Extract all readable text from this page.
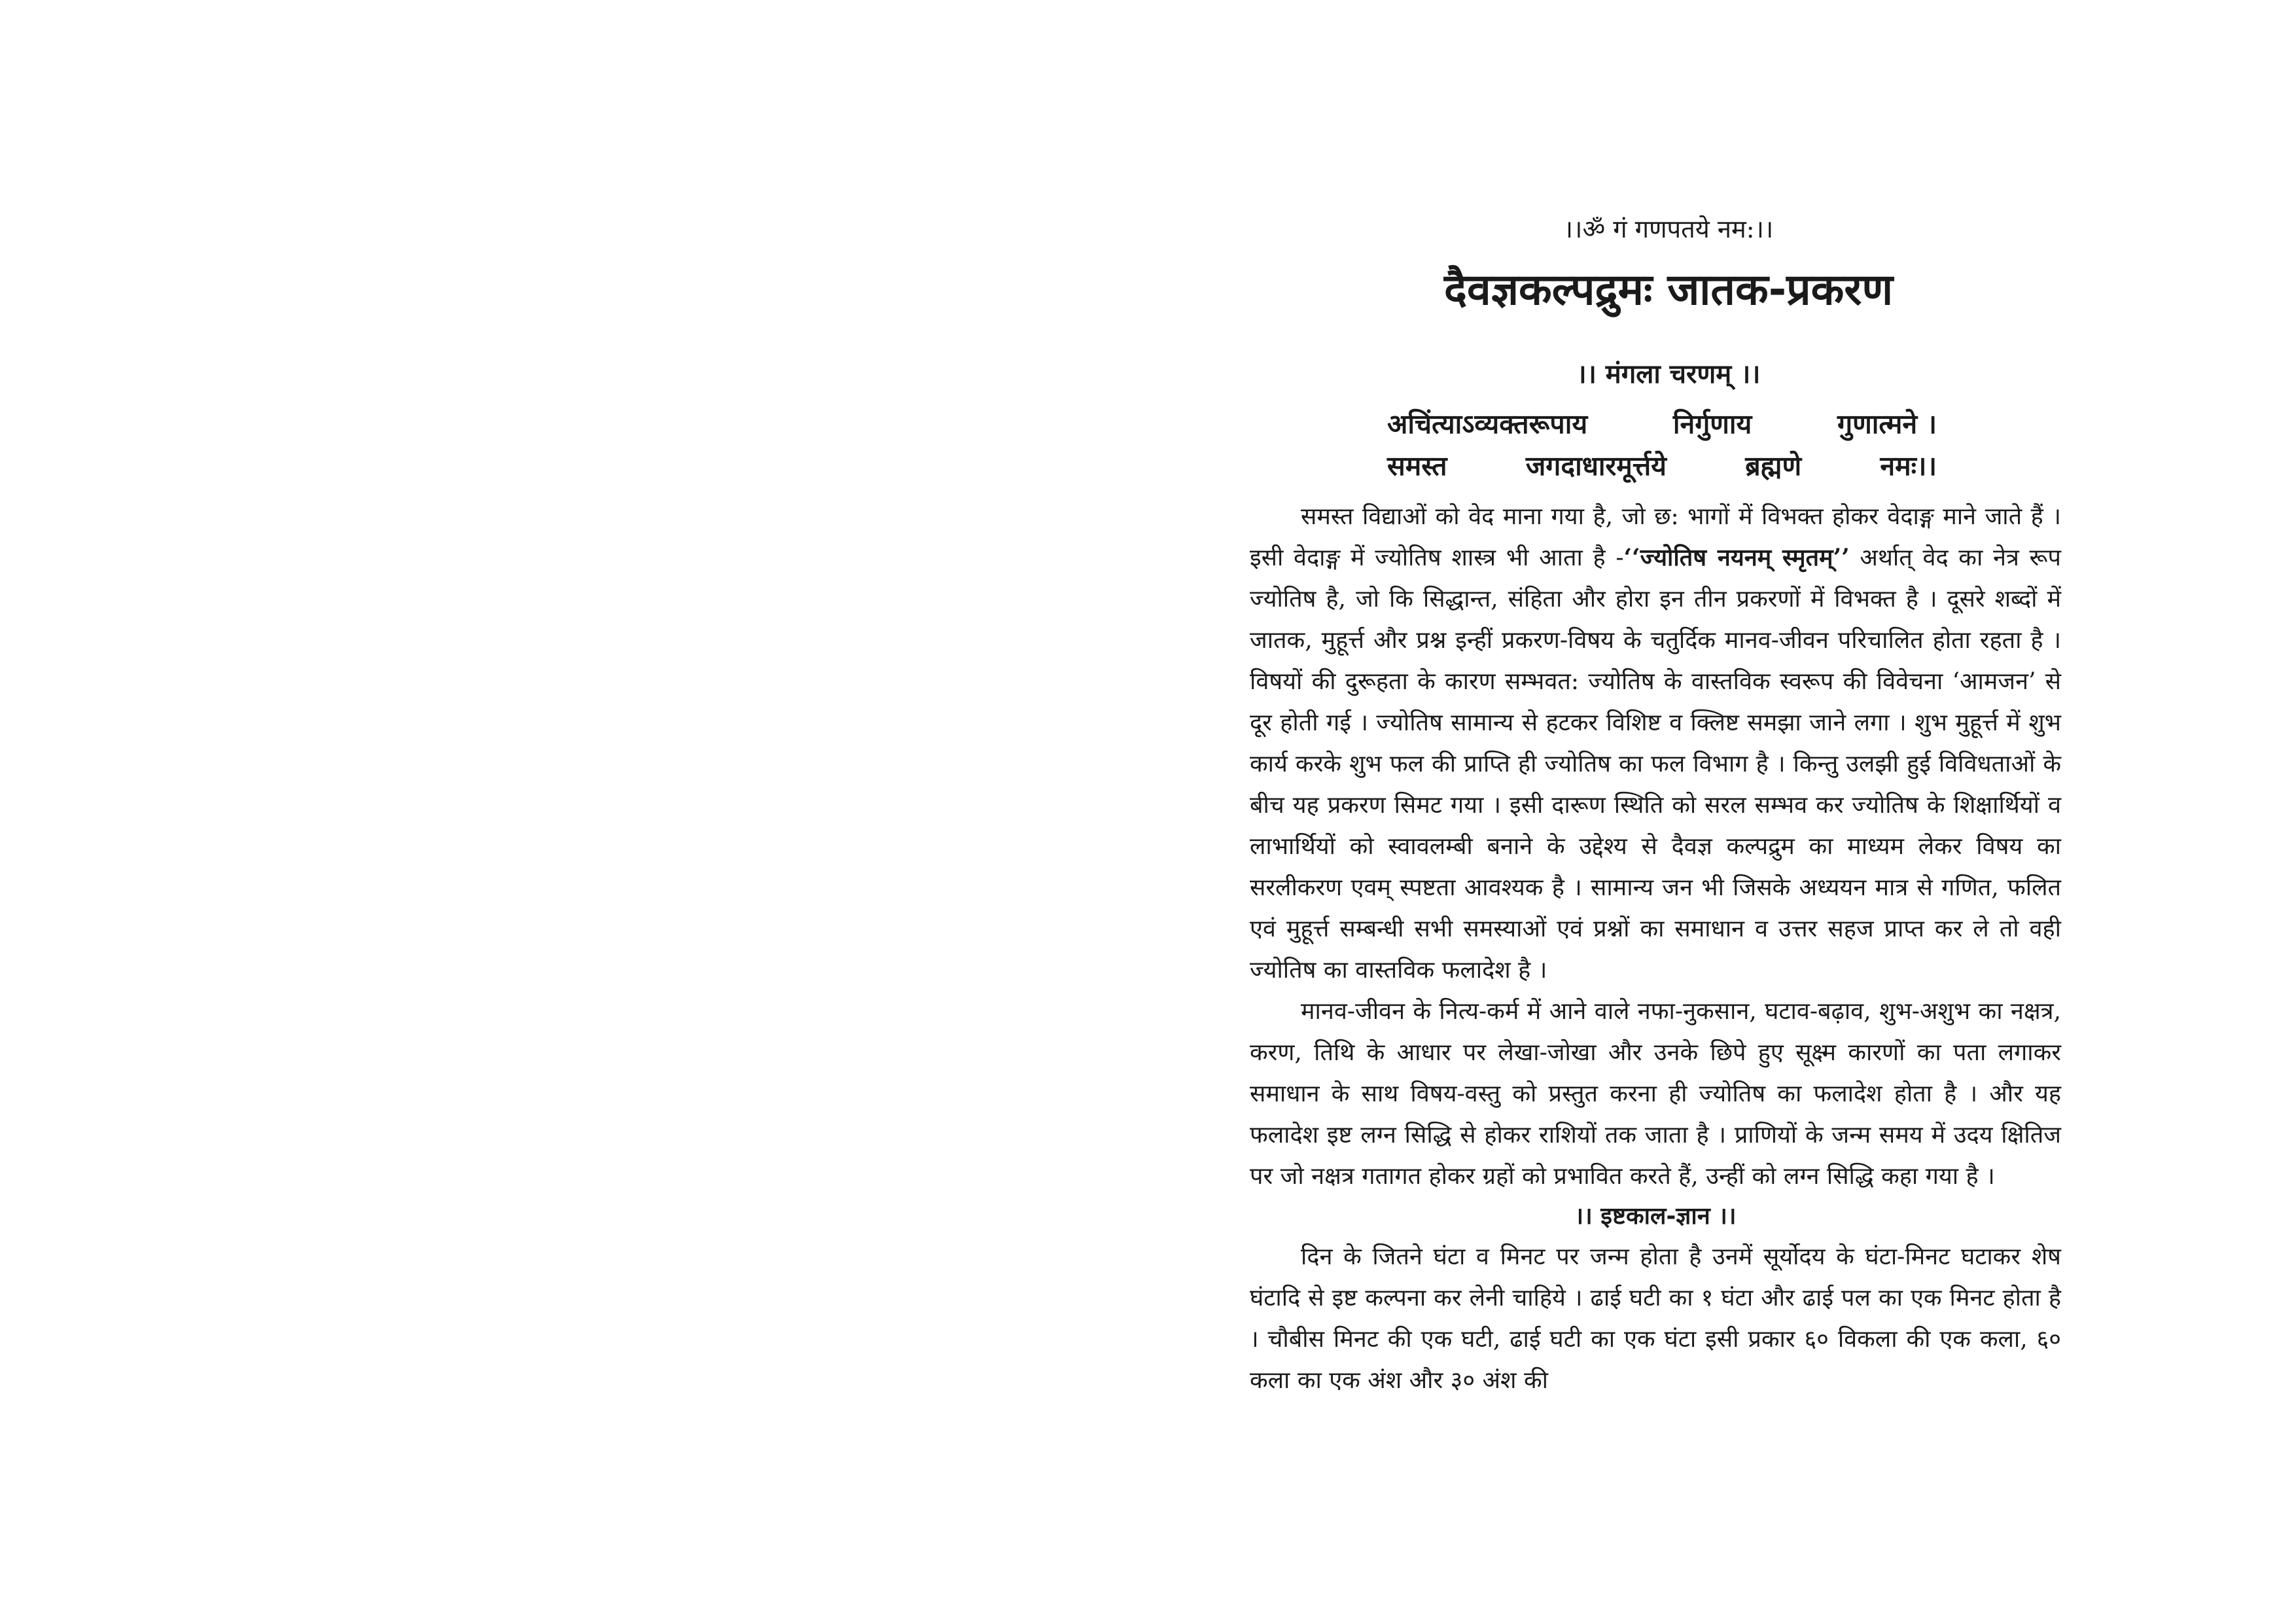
।।ॐ गं गणपतये नम:।।
दैवज्ञकल्पद्रुमः जातक-प्रकरण
।। मंगला चरणम् ।।
अचिंत्याऽव्यक्तरूपाय	निर्गुणाय	गुणात्मने ।
समस्त	जगदाधारमूर्त्तये	ब्रह्मणे	नमः।।

समस्त विद्याओं को वेद माना गया है, जो छ: भागों में विभक्त होकर वेदाङ्ग माने जाते हैं । इसी वेदाङ्ग में ज्योतिष शास्त्र भी आता है -‘‘ज्योतिष नयनम् स्मृतम्’’ अर्थात् वेद का नेत्र रूप ज्योतिष है, जो कि सिद्धान्त, संहिता और होरा इन तीन प्रकरणों में विभक्त है । दूसरे शब्दों में जातक, मुहूर्त्त और प्रश्न इन्हीं प्रकरण-विषय के चतुर्दिक मानव-जीवन परिचालित होता रहता है । विषयों की दुरूहता के कारण सम्भवत: ज्योतिष के वास्तविक स्वरूप की विवेचना ‘आमजन’ से दूर होती गई । ज्योतिष सामान्य से हटकर विशिष्ट व क्लिष्ट समझा जाने लगा । शुभ मुहूर्त्त में शुभ कार्य करके शुभ फल की प्राप्ति ही ज्योतिष का फल विभाग है । किन्तु उलझी हुई विविधताओं के बीच यह प्रकरण सिमट गया । इसी दारूण स्थिति को सरल सम्भव कर ज्योतिष के शिक्षार्थियों व लाभार्थियों को स्वावलम्बी बनाने के उद्देश्य से दैवज्ञ कल्पद्रुम का माध्यम लेकर विषय का सरलीकरण एवम् स्पष्टता आवश्यक है । सामान्य जन भी जिसके अध्ययन मात्र से गणित, फलित एवं मुहूर्त्त सम्बन्धी सभी समस्याओं एवं प्रश्नों का समाधान व उत्तर सहज प्राप्त कर ले तो वही ज्योतिष का वास्तविक फलादेश है ।

मानव-जीवन के नित्य-कर्म में आने वाले नफा-नुकसान, घटाव-बढ़ाव, शुभ-अशुभ का नक्षत्र, करण, तिथि के आधार पर लेखा-जोखा और उनके छिपे हुए सूक्ष्म कारणों का पता लगाकर समाधान के साथ विषय-वस्तु को प्रस्तुत करना ही ज्योतिष का फलादेश होता है । और यह फलादेश इष्ट लग्न सिद्धि से होकर राशियों तक जाता है । प्राणियों के जन्म समय में उदय क्षितिज पर जो नक्षत्र गतागत होकर ग्रहों को प्रभावित करते हैं, उन्हीं को लग्न सिद्धि कहा गया है ।

।। इष्टकाल-ज्ञान ।।

दिन के जितने घंटा व मिनट पर जन्म होता है उनमें सूर्योदय के घंटा-मिनट घटाकर शेष घंटादि से इष्ट कल्पना कर लेनी चाहिये । ढाई घटी का १ घंटा और ढाई पल का एक मिनट होता है । चौबीस मिनट की एक घटी, ढाई घटी का एक घंटा इसी प्रकार ६० विकला की एक कला, ६० कला का एक अंश और ३० अंश की
